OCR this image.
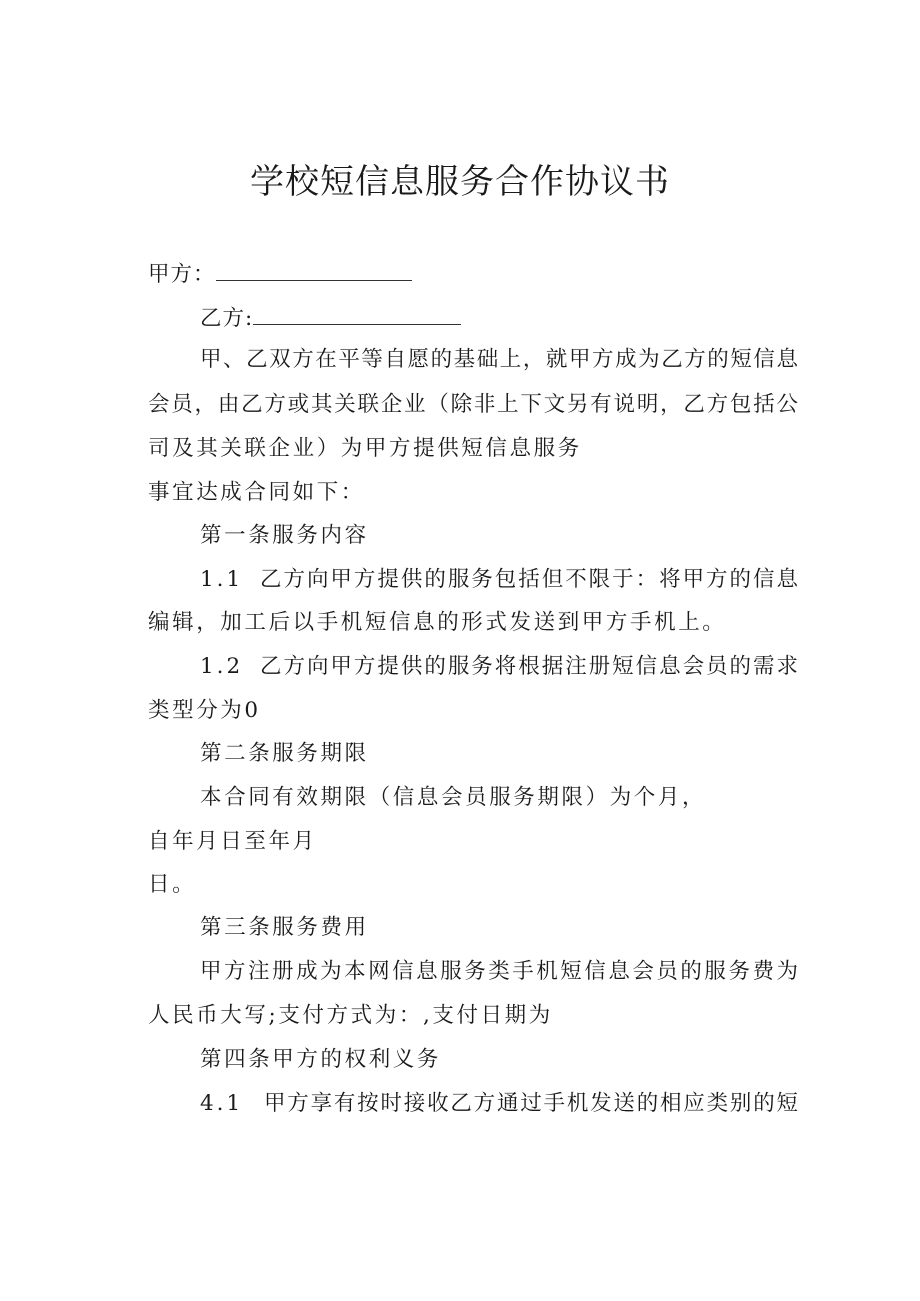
学校短信息服务合作协议书
甲方：
乙方:
甲、乙双方在平等自愿的基础上，就甲方成为乙方的短信息
会员，由乙方或其关联企业（除非上下文另有说明，乙方包括公
司及其关联企业）为甲方提供短信息服务
事宜达成合同如下：
第一条服务内容
1.1 乙方向甲方提供的服务包括但不限于：将甲方的信息
编辑，加工后以手机短信息的形式发送到甲方手机上。
1.2 乙方向甲方提供的服务将根据注册短信息会员的需求
类型分为0
第二条服务期限
本合同有效期限（信息会员服务期限）为个月，
自年月日至年月
日。
第三条服务费用
甲方注册成为本网信息服务类手机短信息会员的服务费为
人民币大写;支付方式为：,支付日期为
第四条甲方的权利义务
4.1 甲方享有按时接收乙方通过手机发送的相应类别的短
